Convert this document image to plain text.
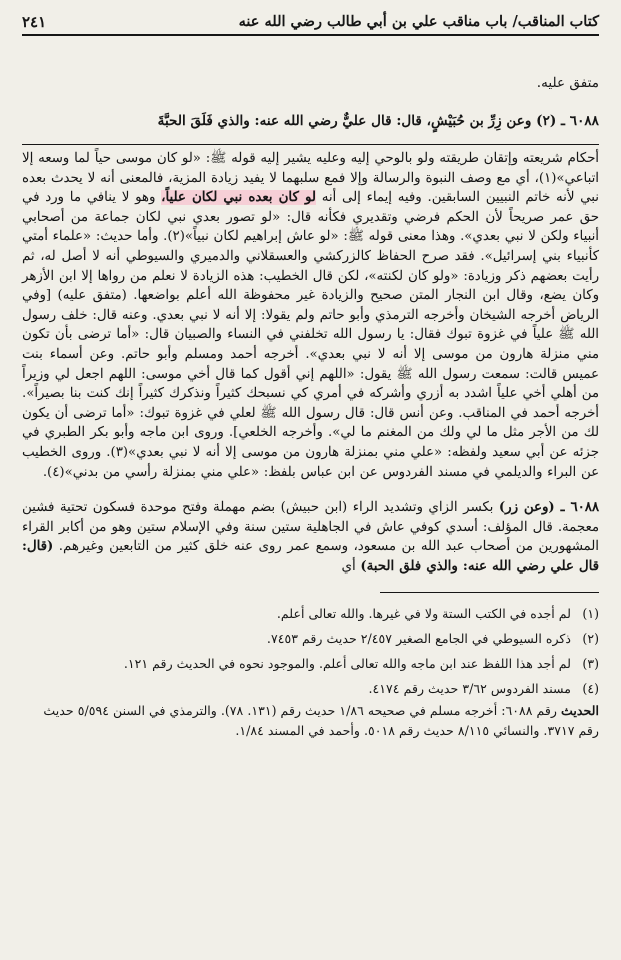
كتاب المناقب/ باب مناقب علي بن أبي طالب رضي الله عنه
٢٤١
متفق عليه.
٦٠٨٨ ـ (٢) وعن زِرِّ بن حُبَيْشٍ، قال: قال عليٌّ رضي الله عنه: والذي فَلَقَ الحبَّةَ
أحكام شريعته وإتقان طريقته ولو بالوحي إليه وعليه يشير إليه قوله ﷺ: «لو كان موسى حياً لما وسعه إلا اتباعي»(١)، أي مع وصف النبوة والرسالة وإلا فمع سلبهما لا يفيد زيادة المزية، فالمعنى أنه لا يحدث بعده نبي لأنه خاتم النبيين السابقين. وفيه إيماء إلى أنه لو كان بعده نبي لكان علياً، وهو لا ينافي ما ورد في حق عمر صريحاً لأن الحكم فرضي وتقديري فكأنه قال: «لو تصور بعدي نبي لكان جماعة من أصحابي أنبياء ولكن لا نبي بعدي». وهذا معنى قوله ﷺ: «لو عاش إبراهيم لكان نبياً»(٢). وأما حديث: «علماء أمتي كأنبياء بني إسرائيل». فقد صرح الحفاظ كالزركشي والعسقلاني والدميري والسيوطي أنه لا أصل له، ثم رأيت بعضهم ذكر وزيادة: «ولو كان لكنته»، لكن قال الخطيب: هذه الزيادة لا نعلم من رواها إلا ابن الأزهر وكان يضع، وقال ابن النجار المتن صحيح والزيادة غير محفوظة الله أعلم بواضعها. (متفق عليه) [وفي الرياض أخرجه الشيخان وأخرجه الترمذي وأبو حاتم ولم يقولا: إلا أنه لا نبي بعدي. وعنه قال: خلف رسول الله ﷺ علياً في غزوة تبوك فقال: يا رسول الله تخلفني في النساء والصبيان قال: «أما ترضى بأن تكون مني منزلة هارون من موسى إلا أنه لا نبي بعدي». أخرجه أحمد ومسلم وأبو حاتم. وعن أسماء بنت عميس قالت: سمعت رسول الله ﷺ يقول: «اللهم إني أقول كما قال أخي موسى: اللهم اجعل لي وزيراً من أهلي أخي علياً اشدد به أزري وأشركه في أمري كي نسبحك كثيراً ونذكرك كثيراً إنك كنت بنا بصيراً». أخرجه أحمد في المناقب. وعن أنس قال: قال رسول الله ﷺ لعلي في غزوة تبوك: «أما ترضى أن يكون لك من الأجر مثل ما لي ولك من المغنم ما لي». وأخرجه الخلعي]. وروى ابن ماجه وأبو بكر الطبري في جزئه عن أبي سعيد ولفظه: «علي مني بمنزلة هارون من موسى إلا أنه لا نبي بعدي»(٣). وروى الخطيب عن البراء والديلمي في مسند الفردوس عن ابن عباس بلفظ: «علي مني بمنزلة رأسي من بدني»(٤).
٦٠٨٨ ـ (وعن زر) بكسر الزاي وتشديد الراء (ابن حبيش) بضم مهملة وفتح موحدة فسكون تحتية فشين معجمة. قال المؤلف: أسدي كوفي عاش في الجاهلية ستين سنة وفي الإسلام ستين وهو من أكابر القراء المشهورين من أصحاب عبد الله بن مسعود، وسمع عمر روى عنه خلق كثير من التابعين وغيرهم. (قال: قال علي رضي الله عنه: والذي فلق الحبة) أي
(١)
لم أجده في الكتب الستة ولا في غيرها. والله تعالى أعلم.
(٢)
ذكره السيوطي في الجامع الصغير ٢/٤٥٧ حديث رقم ٧٤٥٣.
(٣)
لم أجد هذا اللفظ عند ابن ماجه والله تعالى أعلم. والموجود نحوه في الحديث رقم ١٢١.
(٤)
مسند الفردوس ٣/٦٢ حديث رقم ٤١٧٤.
الحديث رقم ٦٠٨٨: أخرجه مسلم في صحيحه ١/٨٦ حديث رقم (١٣١. ٧٨). والترمذي في السنن ٥/٥٩٤ حديث رقم ٣٧١٧. والنسائي ٨/١١٥ حديث رقم ٥٠١٨. وأحمد في المسند ١/٨٤.
